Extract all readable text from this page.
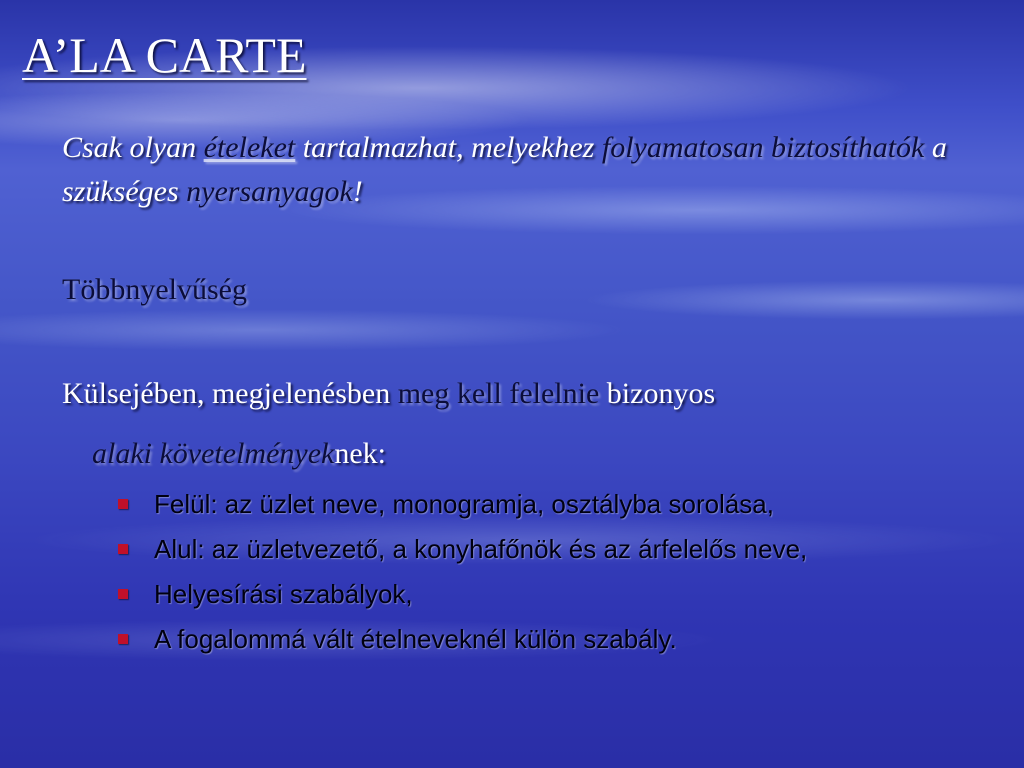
A’LA CARTE

Csak olyan ételeket tartalmazhat, melyekhez folyamatosan biztosíthatók a szükséges nyersanyagok!

Többnyelvűség

Külsejében, megjelenésben meg kell felelnie bizonyos

alaki követelményeknek:

Felül: az üzlet neve, monogramja, osztályba sorolása,
Alul: az üzletvezető, a konyhafőnök és az árfelelős neve,
Helyesírási szabályok,
A fogalommá vált ételneveknél külön szabály.
